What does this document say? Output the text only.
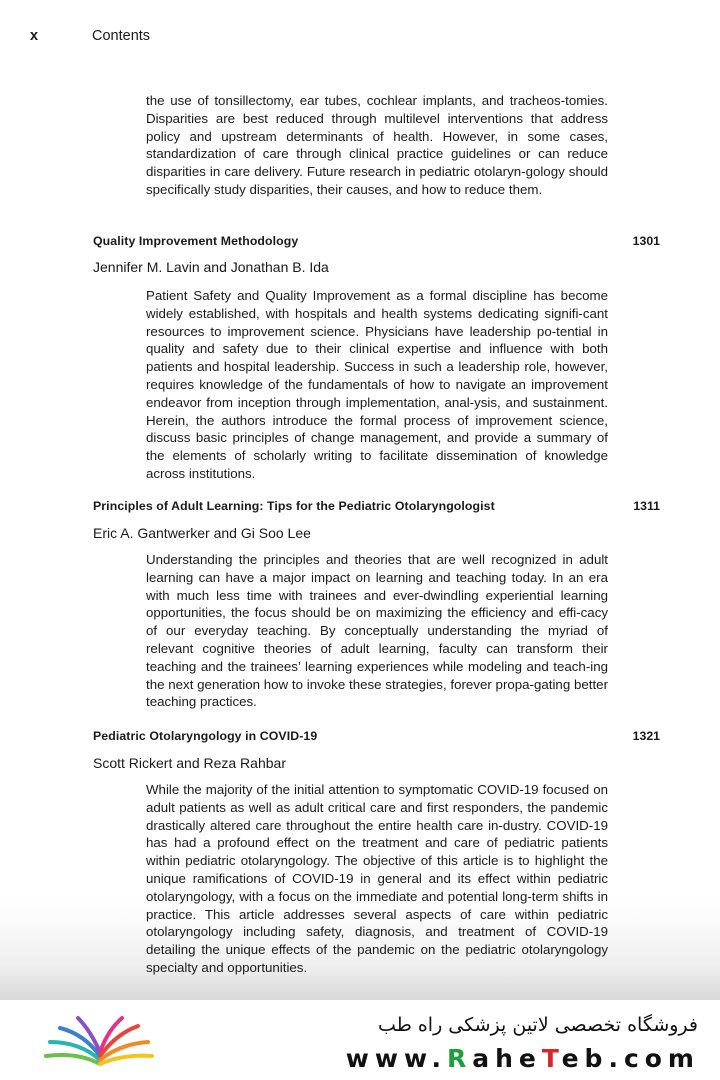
x	Contents

the use of tonsillectomy, ear tubes, cochlear implants, and tracheos-tomies. Disparities are best reduced through multilevel interventions that address policy and upstream determinants of health. However, in some cases, standardization of care through clinical practice guidelines or can reduce disparities in care delivery. Future research in pediatric otolaryn-gology should specifically study disparities, their causes, and how to reduce them.

Quality Improvement Methodology	1301
Jennifer M. Lavin and Jonathan B. Ida

Patient Safety and Quality Improvement as a formal discipline has become widely established, with hospitals and health systems dedicating signifi-cant resources to improvement science. Physicians have leadership po-tential in quality and safety due to their clinical expertise and influence with both patients and hospital leadership. Success in such a leadership role, however, requires knowledge of the fundamentals of how to navigate an improvement endeavor from inception through implementation, anal-ysis, and sustainment. Herein, the authors introduce the formal process of improvement science, discuss basic principles of change management, and provide a summary of the elements of scholarly writing to facilitate dissemination of knowledge across institutions.

Principles of Adult Learning: Tips for the Pediatric Otolaryngologist	1311
Eric A. Gantwerker and Gi Soo Lee

Understanding the principles and theories that are well recognized in adult learning can have a major impact on learning and teaching today. In an era with much less time with trainees and ever-dwindling experiential learning opportunities, the focus should be on maximizing the efficiency and effi-cacy of our everyday teaching. By conceptually understanding the myriad of relevant cognitive theories of adult learning, faculty can transform their teaching and the trainees’ learning experiences while modeling and teach-ing the next generation how to invoke these strategies, forever propa-gating better teaching practices.

Pediatric Otolaryngology in COVID-19	1321
Scott Rickert and Reza Rahbar

While the majority of the initial attention to symptomatic COVID-19 focused on adult patients as well as adult critical care and first responders, the pandemic drastically altered care throughout the entire health care in-dustry. COVID-19 has had a profound effect on the treatment and care of pediatric patients within pediatric otolaryngology. The objective of this article is to highlight the unique ramifications of COVID-19 in general and its effect within pediatric otolaryngology, with a focus on the immediate and potential long-term shifts in practice. This article addresses several aspects of care within pediatric otolaryngology including safety, diagnosis, and treatment of COVID-19 detailing the unique effects of the pandemic on the pediatric otolaryngology specialty and opportunities.

فروشگاه تخصصی لاتین پزشکی راه طب
www.RaheTeb.com
